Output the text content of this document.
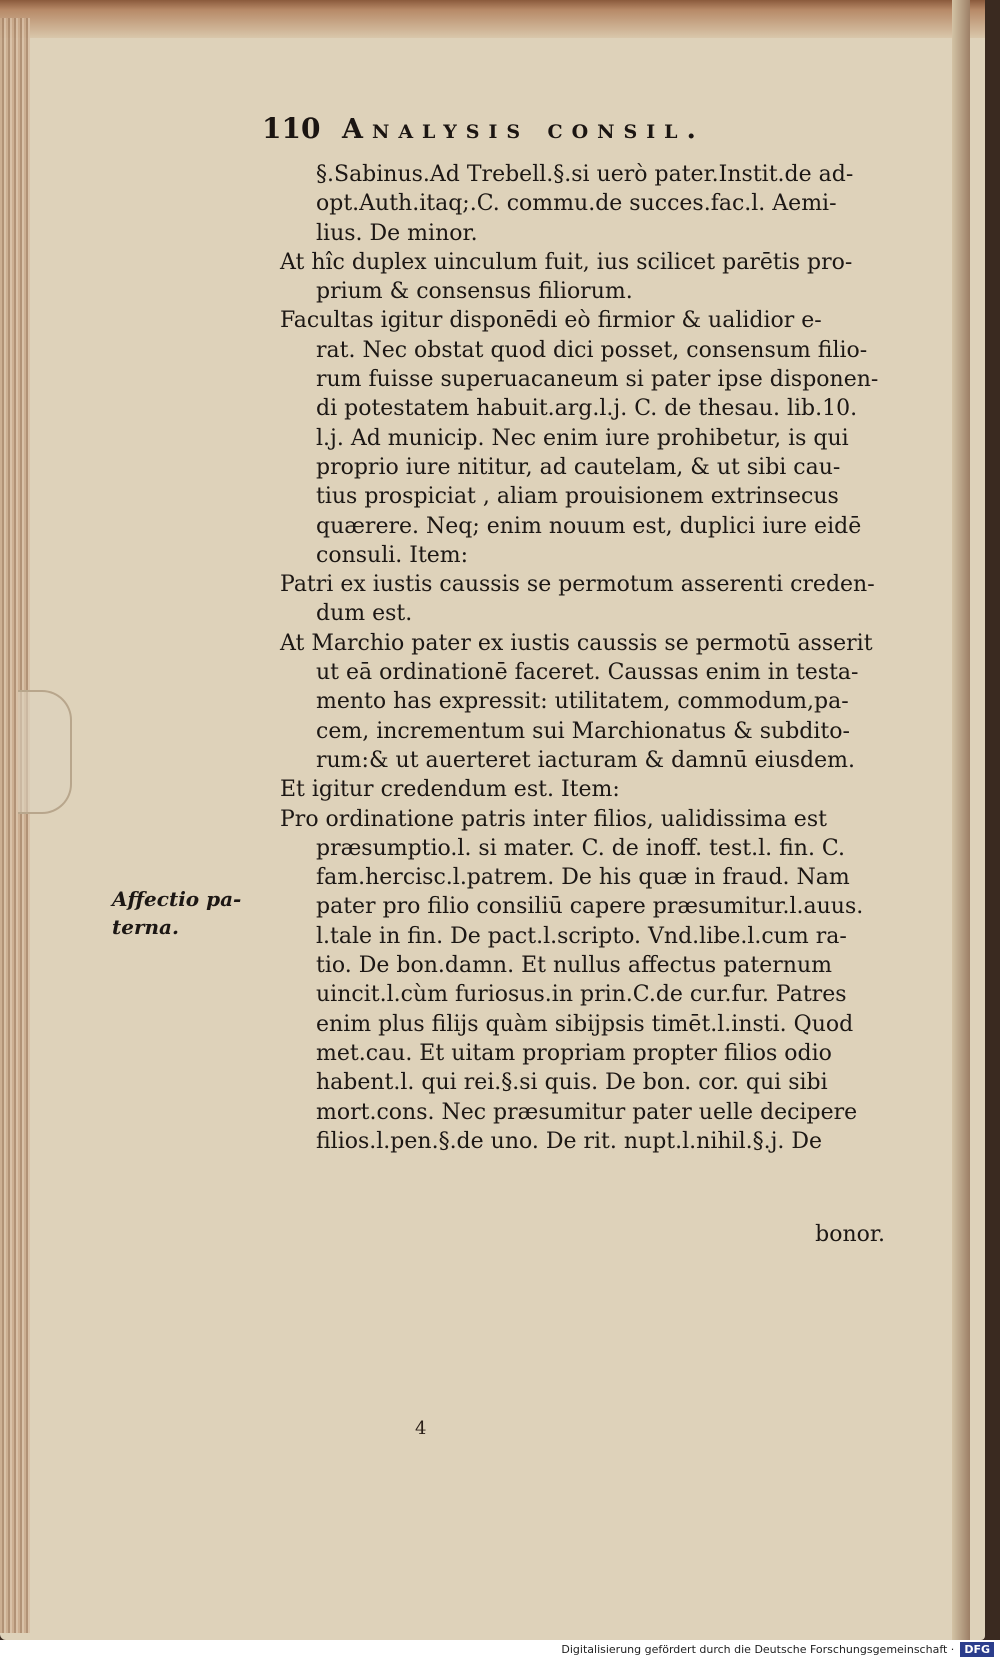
110 Analysis consil.

§.Sabinus.Ad Trebell.§.si uerò pater.Instit.de ad-

opt.Auth.itaq;.C. commu.de succes.fac.l. Aemi-

lius. De minor.

At hîc duplex uinculum fuit, ius scilicet parētis pro-

prium & consensus filiorum.

Facultas igitur disponēdi eò firmior & ualidior e-

rat. Nec obstat quod dici posset, consensum filio-

rum fuisse superuacaneum si pater ipse disponen-

di potestatem habuit.arg.l.j. C. de thesau. lib.10.

l.j. Ad municip. Nec enim iure prohibetur, is qui

proprio iure nititur, ad cautelam, & ut sibi cau-

tius prospiciat , aliam prouisionem extrinsecus

quærere. Neq; enim nouum est, duplici iure eidē

consuli. Item:

Patri ex iustis caussis se permotum asserenti creden-

dum est.

At Marchio pater ex iustis caussis se permotū asserit

ut eā ordinationē faceret. Caussas enim in testa-

mento has expressit: utilitatem, commodum,pa-

cem, incrementum sui Marchionatus & subdito-

rum:& ut auerteret iacturam & damnū eiusdem.

Et igitur credendum est. Item:

Pro ordinatione patris inter filios, ualidissima est

præsumptio.l. si mater. C. de inoff. test.l. fin. C.

fam.hercisc.l.patrem. De his quæ in fraud. Nam

pater pro filio consiliū capere præsumitur.l.auus.

l.tale in fin. De pact.l.scripto. Vnd.libe.l.cum ra-

tio. De bon.damn. Et nullus affectus paternum

uincit.l.cùm furiosus.in prin.C.de cur.fur. Patres

enim plus filijs quàm sibijpsis timēt.l.insti. Quod

met.cau. Et uitam propriam propter filios odio

habent.l. qui rei.§.si quis. De bon. cor. qui sibi

mort.cons. Nec præsumitur pater uelle decipere

filios.l.pen.§.de uno. De rit. nupt.l.nihil.§.j. De

Affectio pa-
terna.
bonor.
4
Digitalisierung gefördert durch die Deutsche Forschungsgemeinschaft · DFG
